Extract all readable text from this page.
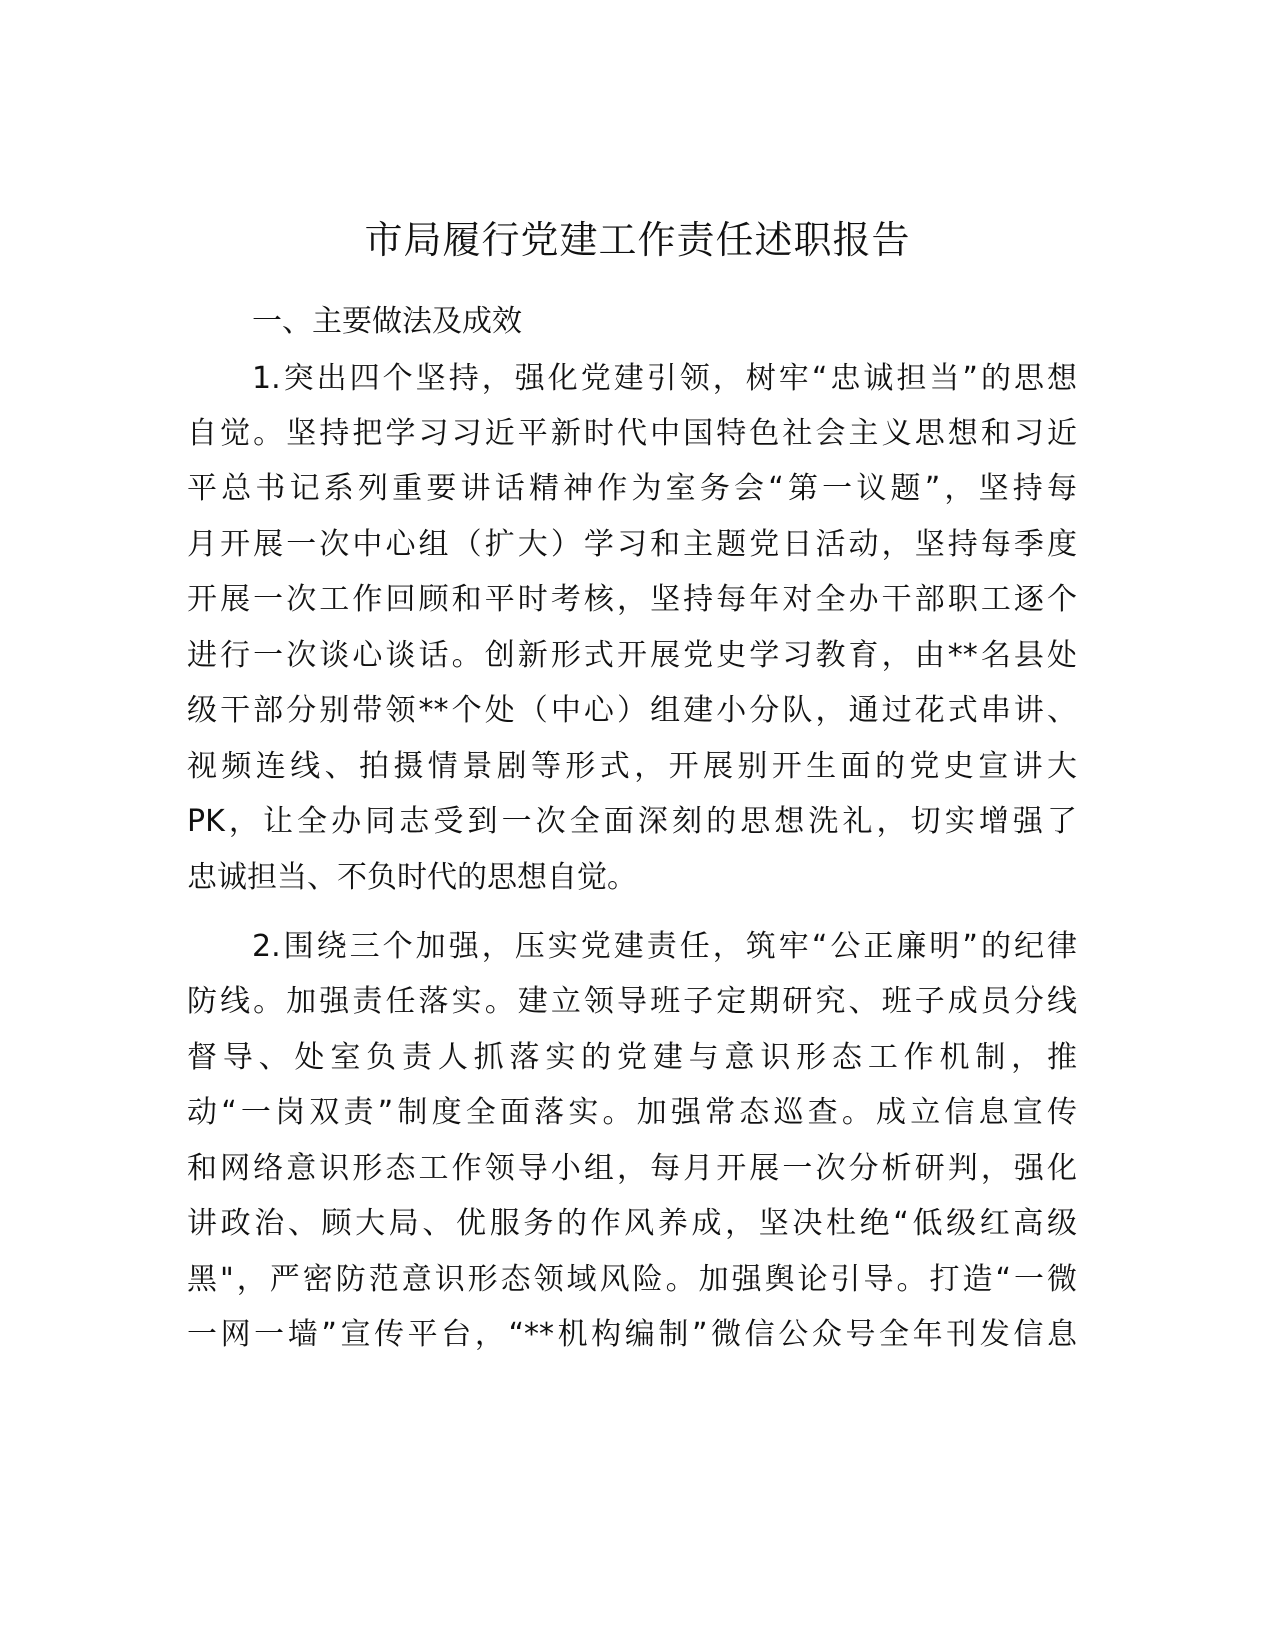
市局履行党建工作责任述职报告
一、主要做法及成效

1.突出四个坚持，强化党建引领，树牢“忠诚担当”的思想

自觉。坚持把学习习近平新时代中国特色社会主义思想和习近

平总书记系列重要讲话精神作为室务会“第一议题”，坚持每

月开展一次中心组（扩大）学习和主题党日活动，坚持每季度

开展一次工作回顾和平时考核，坚持每年对全办干部职工逐个

进行一次谈心谈话。创新形式开展党史学习教育，由**名县处

级干部分别带领**个处（中心）组建小分队，通过花式串讲、

视频连线、拍摄情景剧等形式，开展别开生面的党史宣讲大

PK，让全办同志受到一次全面深刻的思想洗礼，切实增强了

忠诚担当、不负时代的思想自觉。

2.围绕三个加强，压实党建责任，筑牢“公正廉明”的纪律

防线。加强责任落实。建立领导班子定期研究、班子成员分线

督导、处室负责人抓落实的党建与意识形态工作机制，推

动“一岗双责”制度全面落实。加强常态巡查。成立信息宣传

和网络意识形态工作领导小组，每月开展一次分析研判，强化

讲政治、顾大局、优服务的作风养成，坚决杜绝“低级红高级

黑"，严密防范意识形态领域风险。加强舆论引导。打造“一微

一网一墙”宣传平台，“**机构编制”微信公众号全年刊发信息
